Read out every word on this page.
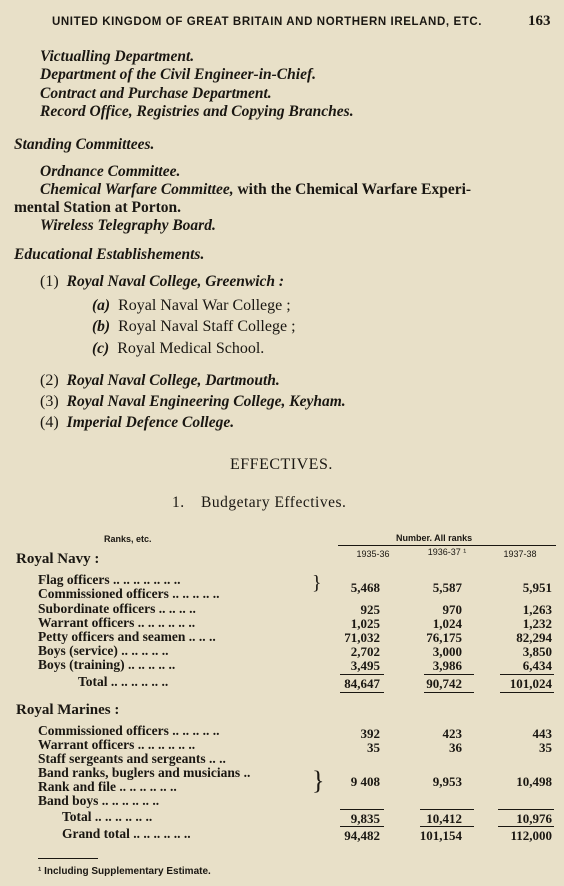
UNITED KINGDOM OF GREAT BRITAIN AND NORTHERN IRELAND, ETC.	163
Victualling Department.
Department of the Civil Engineer-in-Chief.
Contract and Purchase Department.
Record Office, Registries and Copying Branches.
Standing Committees.
Ordnance Committee.
Chemical Warfare Committee, with the Chemical Warfare Experi-
mental Station at Porton.
Wireless Telegraphy Board.
Educational Establishements.
(1) Royal Naval College, Greenwich :
(a) Royal Naval War College ;
(b) Royal Naval Staff College ;
(c) Royal Medical School.
(2) Royal Naval College, Dartmouth.
(3) Royal Naval Engineering College, Keyham.
(4) Imperial Defence College.
EFFECTIVES.
1. Budgetary Effectives.
Ranks, etc.	Number. All ranks
1935-36	1936-37 ¹	1937-38
Royal Navy :
Flag officers .. .. .. .. .. .. ..
Commissioned officers .. .. .. .. ..	}	5,468	5,587	5,951
Subordinate officers .. .. .. ..	925	970	1,263
Warrant officers .. .. .. .. .. ..	1,025	1,024	1,232
Petty officers and seamen .. .. ..	71,032	76,175	82,294
Boys (service) .. .. .. .. ..	2,702	3,000	3,850
Boys (training) .. .. .. .. ..	3,495	3,986	6,434
Total .. .. .. .. .. ..	84,647	90,742	101,024
Royal Marines :
Commissioned officers .. .. .. .. ..	392	423	443
Warrant officers .. .. .. .. .. ..	35	36	35
Staff sergeants and sergeants .. ..
Band ranks, buglers and musicians .. }
Rank and file .. .. .. .. .. ..	9 408	9,953	10,498
Band boys .. .. .. .. .. ..
Total .. .. .. .. .. ..	9,835	10,412	10,976
Grand total .. .. .. .. .. ..	94,482	101,154	112,000
¹ Including Supplementary Estimate.
